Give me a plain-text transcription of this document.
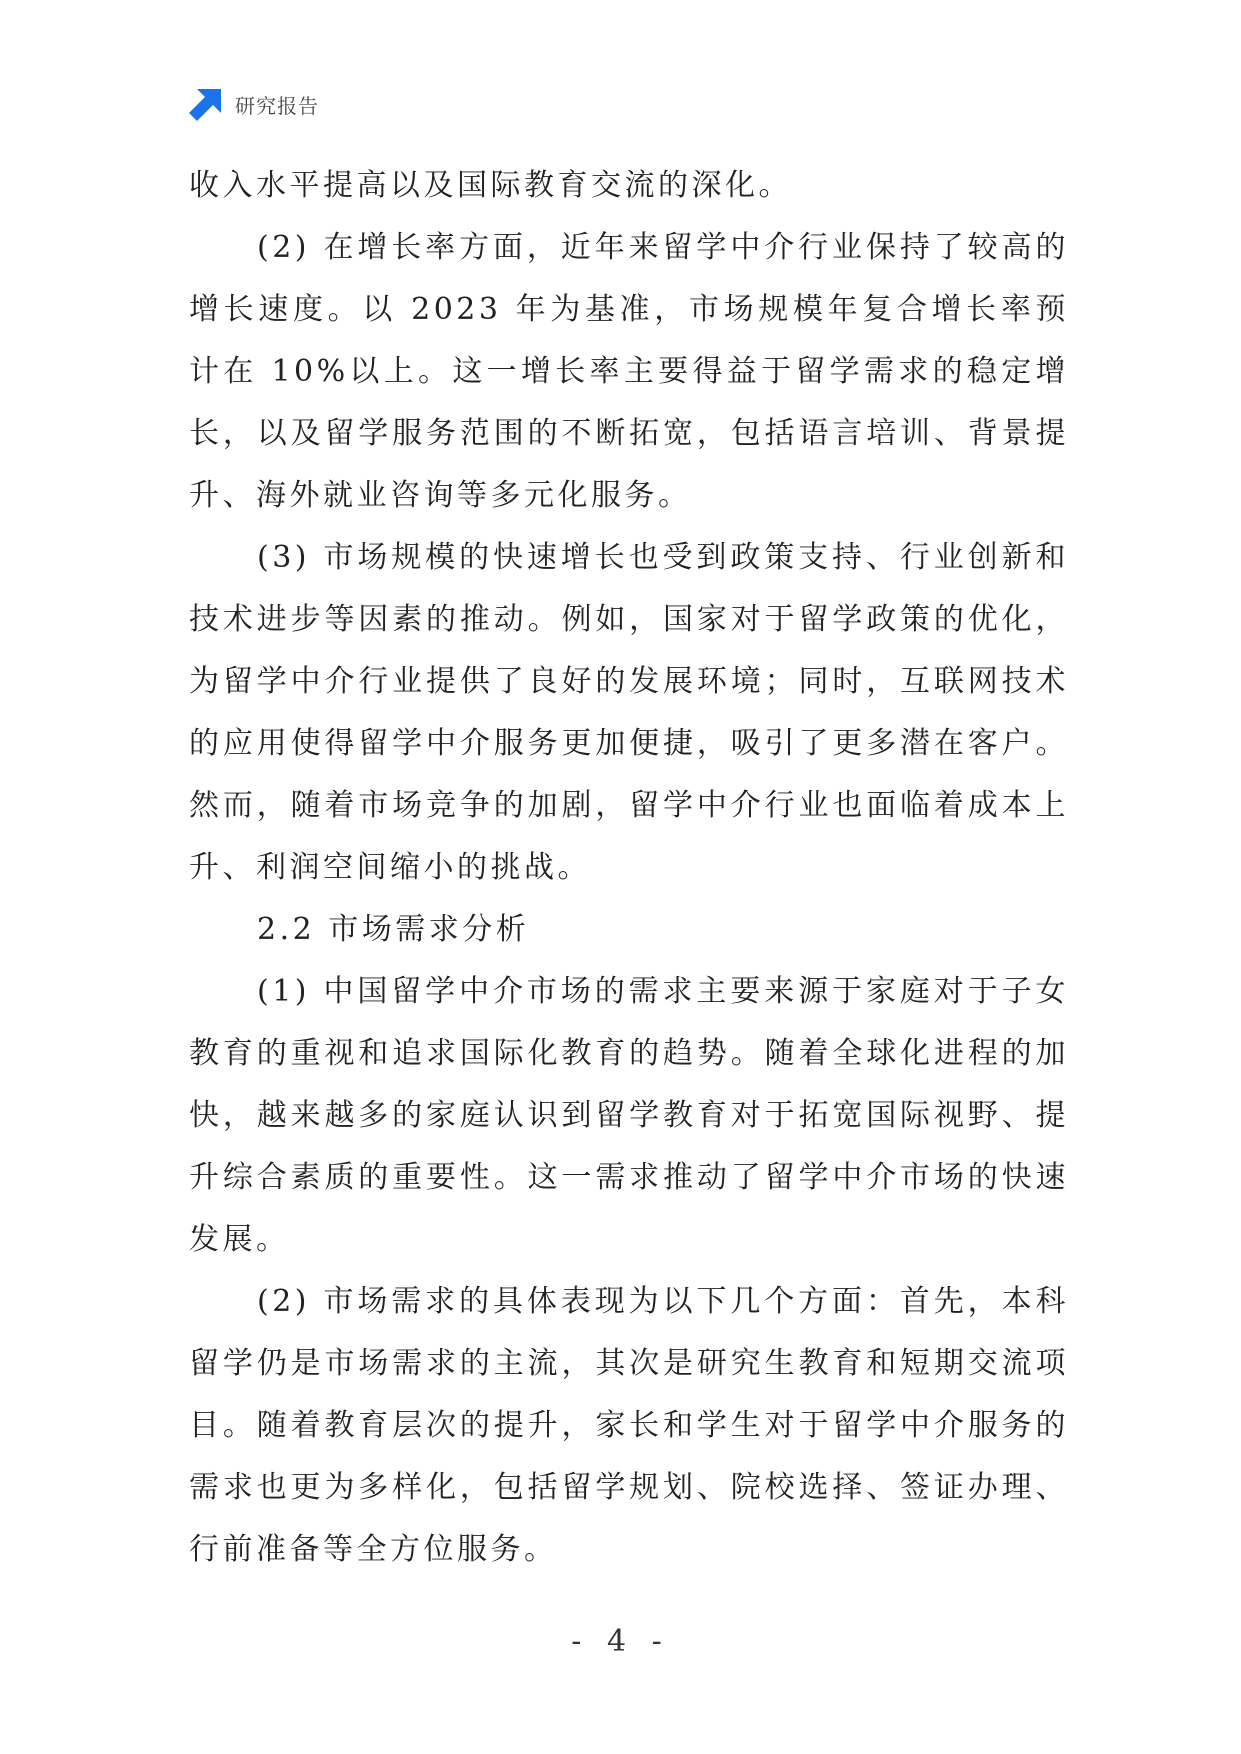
研究报告

收入水平提高以及国际教育交流的深化。

(2) 在增长率方面，近年来留学中介行业保持了较高的增长速度。以 2023 年为基准，市场规模年复合增长率预计在 10%以上。这一增长率主要得益于留学需求的稳定增长，以及留学服务范围的不断拓宽，包括语言培训、背景提升、海外就业咨询等多元化服务。

(3) 市场规模的快速增长也受到政策支持、行业创新和技术进步等因素的推动。例如，国家对于留学政策的优化，为留学中介行业提供了良好的发展环境；同时，互联网技术的应用使得留学中介服务更加便捷，吸引了更多潜在客户。然而，随着市场竞争的加剧，留学中介行业也面临着成本上升、利润空间缩小的挑战。

2.2 市场需求分析

(1) 中国留学中介市场的需求主要来源于家庭对于子女教育的重视和追求国际化教育的趋势。随着全球化进程的加快，越来越多的家庭认识到留学教育对于拓宽国际视野、提升综合素质的重要性。这一需求推动了留学中介市场的快速发展。

(2) 市场需求的具体表现为以下几个方面：首先，本科留学仍是市场需求的主流，其次是研究生教育和短期交流项目。随着教育层次的提升，家长和学生对于留学中介服务的需求也更为多样化，包括留学规划、院校选择、签证办理、行前准备等全方位服务。

- 4 -
